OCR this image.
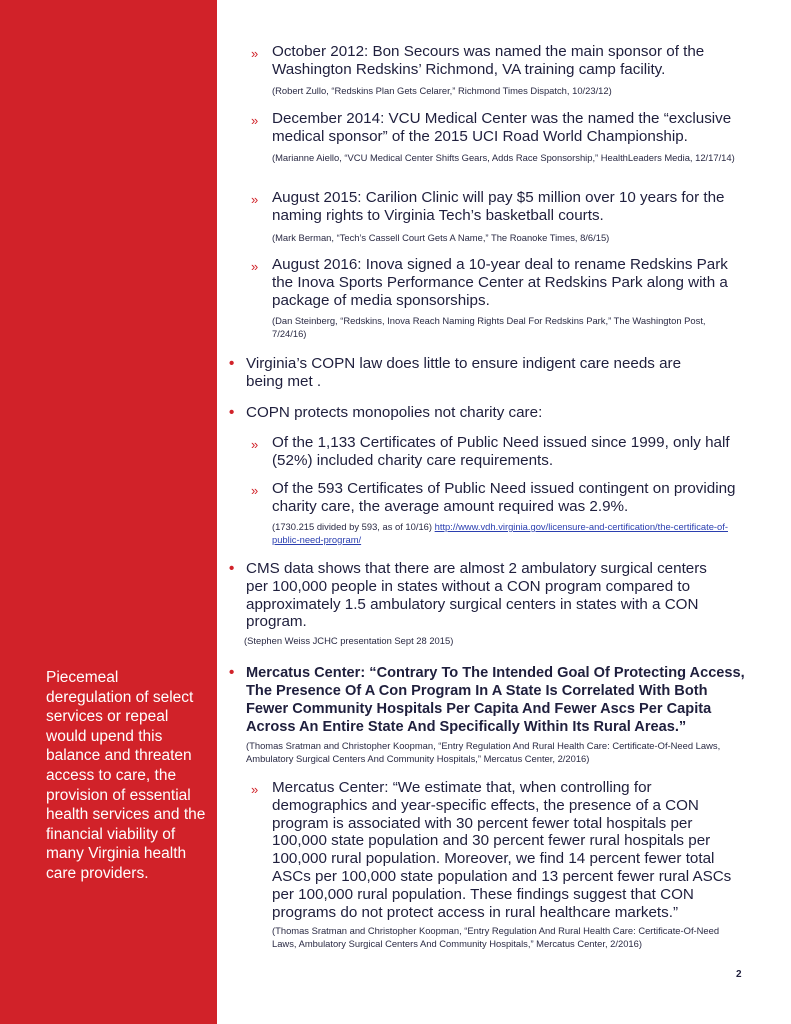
Piecemeal deregulation of select services or repeal would upend this balance and threaten access to care, the provision of essential health services and the financial viability of many Virginia health care providers.

» October 2012: Bon Secours was named the main sponsor of the Washington Redskins’ Richmond, VA training camp facility.

(Robert Zullo, “Redskins Plan Gets Celarer,” Richmond Times Dispatch, 10/23/12)

» December 2014: VCU Medical Center was the named the “exclusive medical sponsor” of the 2015 UCI Road World Championship.

(Marianne Aiello, “VCU Medical Center Shifts Gears, Adds Race Sponsorship,” HealthLeaders Media, 12/17/14)

» August 2015: Carilion Clinic will pay $5 million over 10 years for the naming rights to Virginia Tech’s basketball courts.

(Mark Berman, “Tech’s Cassell Court Gets A Name,” The Roanoke Times, 8/6/15)

» August 2016: Inova signed a 10-year deal to rename Redskins Park the Inova Sports Performance Center at Redskins Park along with a package of media sponsorships.

(Dan Steinberg, “Redskins, Inova Reach Naming Rights Deal For Redskins Park,” The Washington Post, 7/24/16)

• Virginia’s COPN law does little to ensure indigent care needs are being met .

• COPN protects monopolies not charity care:

» Of the 1,133 Certificates of Public Need issued since 1999, only half (52%) included charity care requirements.

» Of the 593 Certificates of Public Need issued contingent on providing charity care, the average amount required was 2.9%.

(1730.215 divided by 593, as of 10/16) http://www.vdh.virginia.gov/licensure-and-certification/the-certificate-of-public-need-program/

• CMS data shows that there are almost 2 ambulatory surgical centers per 100,000 people in states without a CON program compared to approximately 1.5 ambulatory surgical centers in states with a CON program.

(Stephen Weiss JCHC presentation Sept 28 2015)

• Mercatus Center: “Contrary To The Intended Goal Of Protecting Access, The Presence Of A Con Program In A State Is Correlated With Both Fewer Community Hospitals Per Capita And Fewer Ascs Per Capita Across An Entire State And Specifically Within Its Rural Areas.”

(Thomas Sratman and Christopher Koopman, “Entry Regulation And Rural Health Care: Certificate-Of-Need Laws, Ambulatory Surgical Centers And Community Hospitals,” Mercatus Center, 2/2016)

» Mercatus Center: “We estimate that, when controlling for demographics and year-specific effects, the presence of a CON program is associated with 30 percent fewer total hospitals per 100,000 state population and 30 percent fewer rural hospitals per 100,000 rural population. Moreover, we find 14 percent fewer total ASCs per 100,000 state population and 13 percent fewer rural ASCs per 100,000 rural population. These findings suggest that CON programs do not protect access in rural healthcare markets.”

(Thomas Sratman and Christopher Koopman, “Entry Regulation And Rural Health Care: Certificate-Of-Need Laws, Ambulatory Surgical Centers And Community Hospitals,” Mercatus Center, 2/2016)

2
